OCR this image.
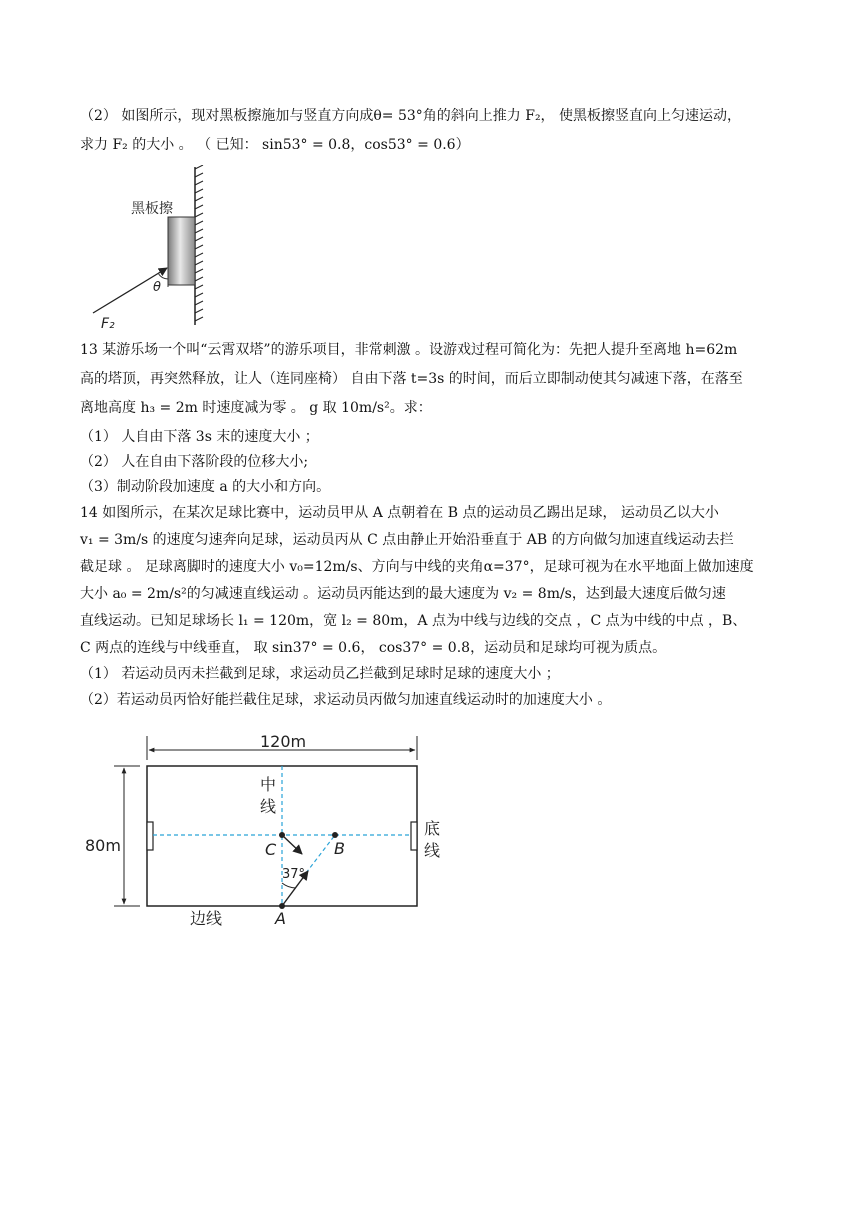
（2） 如图所示，现对黑板擦施加与竖直方向成θ= 53°角的斜向上推力 F₂， 使黑板擦竖直向上匀速运动，
求力 F₂ 的大小 。 （ 已知： sin53° = 0.8，cos53° = 0.6）
黑板擦
θ
F₂
13 某游乐场一个叫“云霄双塔”的游乐项目，非常刺激 。设游戏过程可简化为：先把人提升至离地 h=62m
高的塔顶，再突然释放，让人（连同座椅） 自由下落 t=3s 的时间，而后立即制动使其匀减速下落，在落至
离地高度 h₃ = 2m 时速度减为零 。 g 取 10m/s²。求：
（1） 人自由下落 3s 末的速度大小 ；
（2） 人在自由下落阶段的位移大小;
（3）制动阶段加速度 a 的大小和方向。
14 如图所示，在某次足球比赛中，运动员甲从 A 点朝着在 B 点的运动员乙踢出足球， 运动员乙以大小
v₁ = 3m/s 的速度匀速奔向足球，运动员丙从 C 点由静止开始沿垂直于 AB 的方向做匀加速直线运动去拦
截足球 。 足球离脚时的速度大小 v₀=12m/s、方向与中线的夹角α=37°，足球可视为在水平地面上做加速度
大小 a₀ = 2m/s²的匀减速直线运动 。运动员丙能达到的最大速度为 v₂ = 8m/s，达到最大速度后做匀速
直线运动。已知足球场长 l₁ = 120m，宽 l₂ = 80m，A 点为中线与边线的交点 ，C 点为中线的中点 ，B、
C 两点的连线与中线垂直， 取 sin37° = 0.6， cos37° = 0.8，运动员和足球均可视为质点。
（1） 若运动员丙未拦截到足球，求运动员乙拦截到足球时足球的速度大小 ；
（2）若运动员丙恰好能拦截住足球，求运动员丙做匀加速直线运动时的加速度大小 。
120m
80m
37°
C	B
A
中
线
底
线
边线
